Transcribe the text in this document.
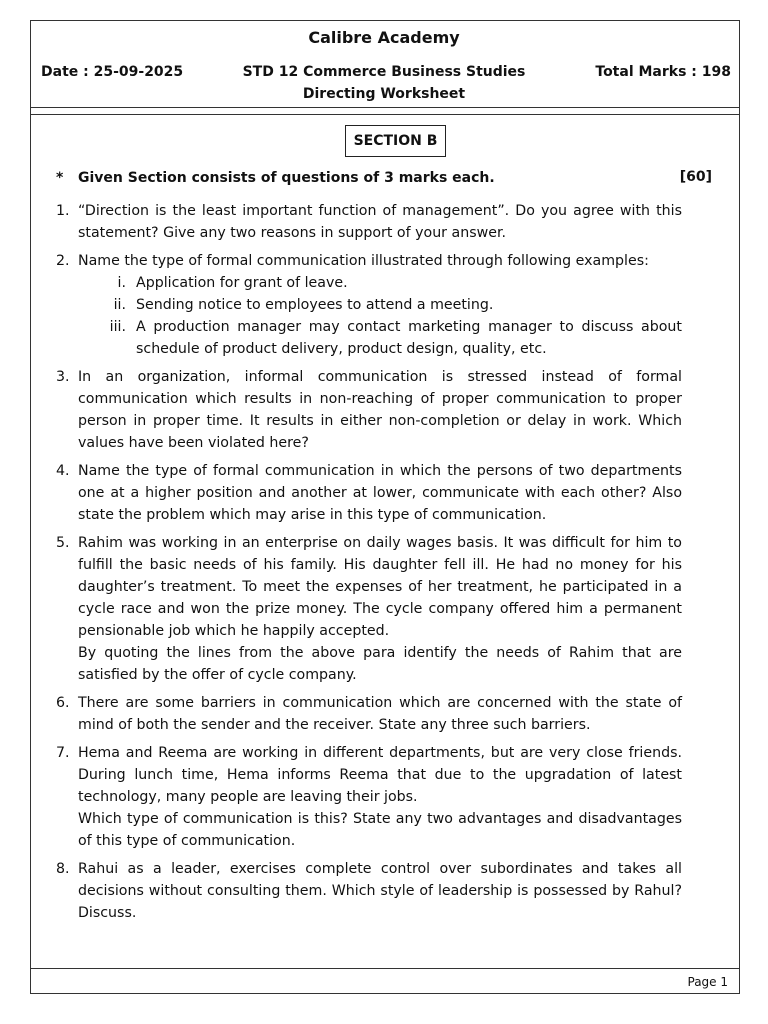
Calibre Academy
STD 12 Commerce Business Studies
Date : 25-09-2025	Total Marks : 198
Directing Worksheet
SECTION B
* Given Section consists of questions of 3 marks each.	[60]
1. “Direction is the least important function of management”. Do you agree with this statement? Give any two reasons in support of your answer.

2. Name the type of formal communication illustrated through following examples:

i. Application for grant of leave.
ii. Sending notice to employees to attend a meeting.
iii. A production manager may contact marketing manager to discuss about schedule of product delivery, product design, quality, etc.
3. In an organization, informal communication is stressed instead of formal communication which results in non-reaching of proper communication to proper person in proper time. It results in either non-completion or delay in work. Which values have been violated here?

4. Name the type of formal communication in which the persons of two departments one at a higher position and another at lower, communicate with each other? Also state the problem which may arise in this type of communication.

5. Rahim was working in an enterprise on daily wages basis. It was difficult for him to fulfill the basic needs of his family. His daughter fell ill. He had no money for his daughter’s treatment. To meet the expenses of her treatment, he participated in a cycle race and won the prize money. The cycle company offered him a permanent pensionable job which he happily accepted.

By quoting the lines from the above para identify the needs of Rahim that are satisfied by the offer of cycle company.

6. There are some barriers in communication which are concerned with the state of mind of both the sender and the receiver. State any three such barriers.

7. Hema and Reema are working in different departments, but are very close friends. During lunch time, Hema informs Reema that due to the upgradation of latest technology, many people are leaving their jobs.

Which type of communication is this? State any two advantages and disadvantages of this type of communication.

8. Rahui as a leader, exercises complete control over subordinates and takes all decisions without consulting them. Which style of leadership is possessed by Rahul? Discuss.

Page 1
